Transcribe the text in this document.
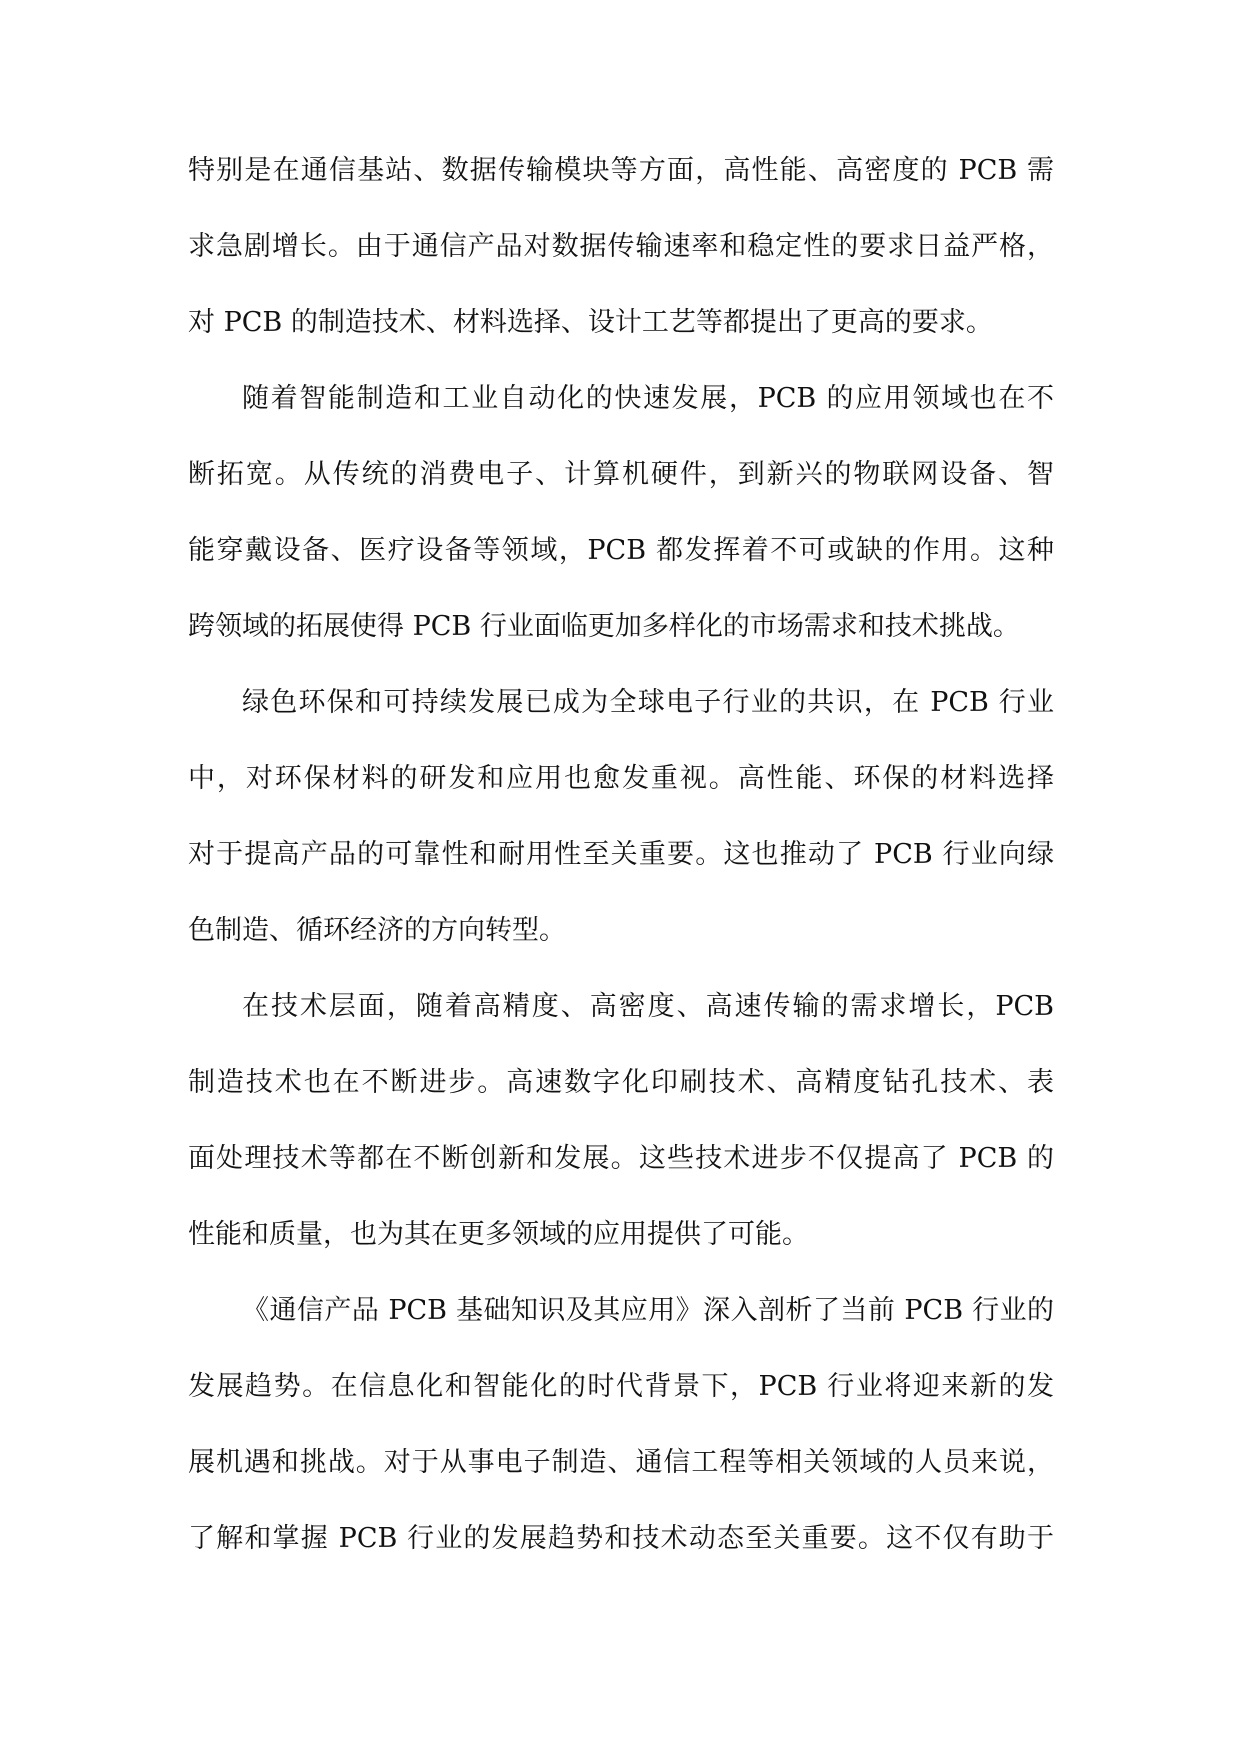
特别是在通信基站、数据传输模块等方面，高性能、高密度的 PCB 需
求急剧增长。由于通信产品对数据传输速率和稳定性的要求日益严格，
对 PCB 的制造技术、材料选择、设计工艺等都提出了更高的要求。
随着智能制造和工业自动化的快速发展，PCB 的应用领域也在不
断拓宽。从传统的消费电子、计算机硬件，到新兴的物联网设备、智
能穿戴设备、医疗设备等领域，PCB 都发挥着不可或缺的作用。这种
跨领域的拓展使得 PCB 行业面临更加多样化的市场需求和技术挑战。
绿色环保和可持续发展已成为全球电子行业的共识，在 PCB 行业
中，对环保材料的研发和应用也愈发重视。高性能、环保的材料选择
对于提高产品的可靠性和耐用性至关重要。这也推动了 PCB 行业向绿
色制造、循环经济的方向转型。
在技术层面，随着高精度、高密度、高速传输的需求增长，PCB
制造技术也在不断进步。高速数字化印刷技术、高精度钻孔技术、表
面处理技术等都在不断创新和发展。这些技术进步不仅提高了 PCB 的
性能和质量，也为其在更多领域的应用提供了可能。
《通信产品 PCB 基础知识及其应用》深入剖析了当前 PCB 行业的
发展趋势。在信息化和智能化的时代背景下，PCB 行业将迎来新的发
展机遇和挑战。对于从事电子制造、通信工程等相关领域的人员来说，
了解和掌握 PCB 行业的发展趋势和技术动态至关重要。这不仅有助于
